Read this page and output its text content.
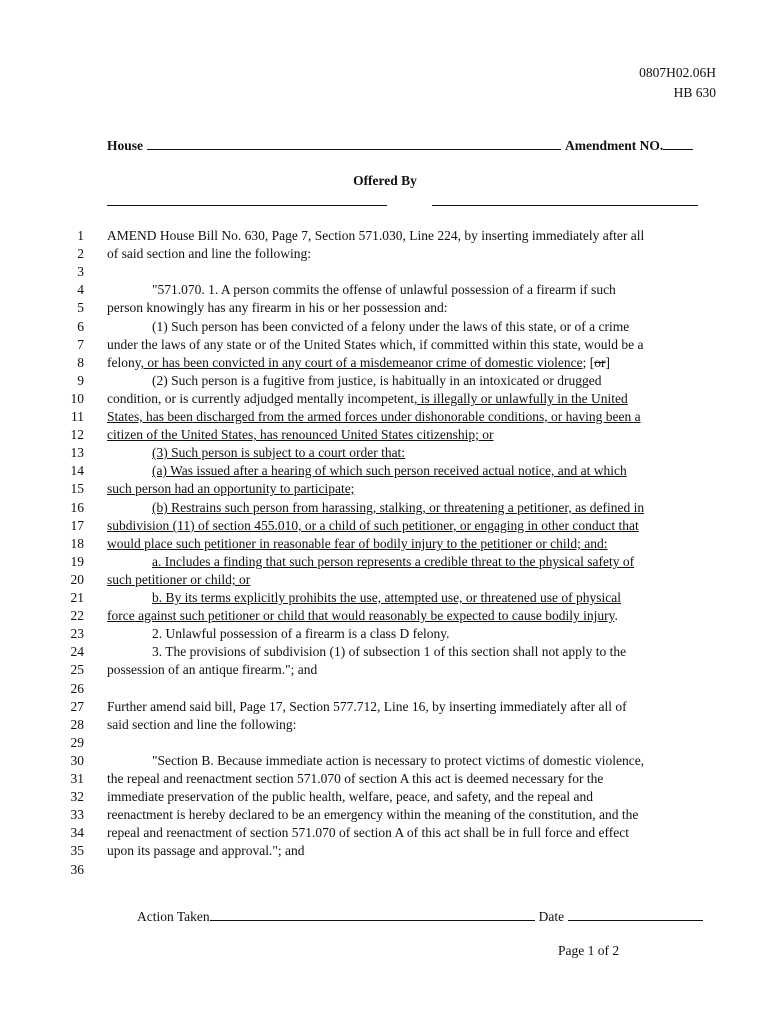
0807H02.06H
HB 630
House	Amendment NO.
Offered By
1 AMEND House Bill No. 630, Page 7, Section 571.030, Line 224, by inserting immediately after all
2 of said section and line the following:
3
4	"571.070. 1. A person commits the offense of unlawful possession of a firearm if such
5 person knowingly has any firearm in his or her possession and:
6	(1) Such person has been convicted of a felony under the laws of this state, or of a crime
7 under the laws of any state or of the United States which, if committed within this state, would be a
8 felony, or has been convicted in any court of a misdemeanor crime of domestic violence; [or]
9	(2) Such person is a fugitive from justice, is habitually in an intoxicated or drugged
10 condition, or is currently adjudged mentally incompetent, is illegally or unlawfully in the United
11 States, has been discharged from the armed forces under dishonorable conditions, or having been a
12 citizen of the United States, has renounced United States citizenship; or
13	(3) Such person is subject to a court order that:
14	(a) Was issued after a hearing of which such person received actual notice, and at which
15 such person had an opportunity to participate;
16	(b) Restrains such person from harassing, stalking, or threatening a petitioner, as defined in
17 subdivision (11) of section 455.010, or a child of such petitioner, or engaging in other conduct that
18 would place such petitioner in reasonable fear of bodily injury to the petitioner or child; and:
19	a. Includes a finding that such person represents a credible threat to the physical safety of
20 such petitioner or child; or
21	b. By its terms explicitly prohibits the use, attempted use, or threatened use of physical
22 force against such petitioner or child that would reasonably be expected to cause bodily injury.
23	2. Unlawful possession of a firearm is a class D felony.
24	3. The provisions of subdivision (1) of subsection 1 of this section shall not apply to the
25 possession of an antique firearm."; and
26
27 Further amend said bill, Page 17, Section 577.712, Line 16, by inserting immediately after all of
28 said section and line the following:
29
30	"Section B. Because immediate action is necessary to protect victims of domestic violence,
31 the repeal and reenactment section 571.070 of section A this act is deemed necessary for the
32 immediate preservation of the public health, welfare, peace, and safety, and the repeal and
33 reenactment is hereby declared to be an emergency within the meaning of the constitution, and the
34 repeal and reenactment of section 571.070 of section A of this act shall be in full force and effect
35 upon its passage and approval."; and
36
Action Taken	Date
Page 1 of 2
